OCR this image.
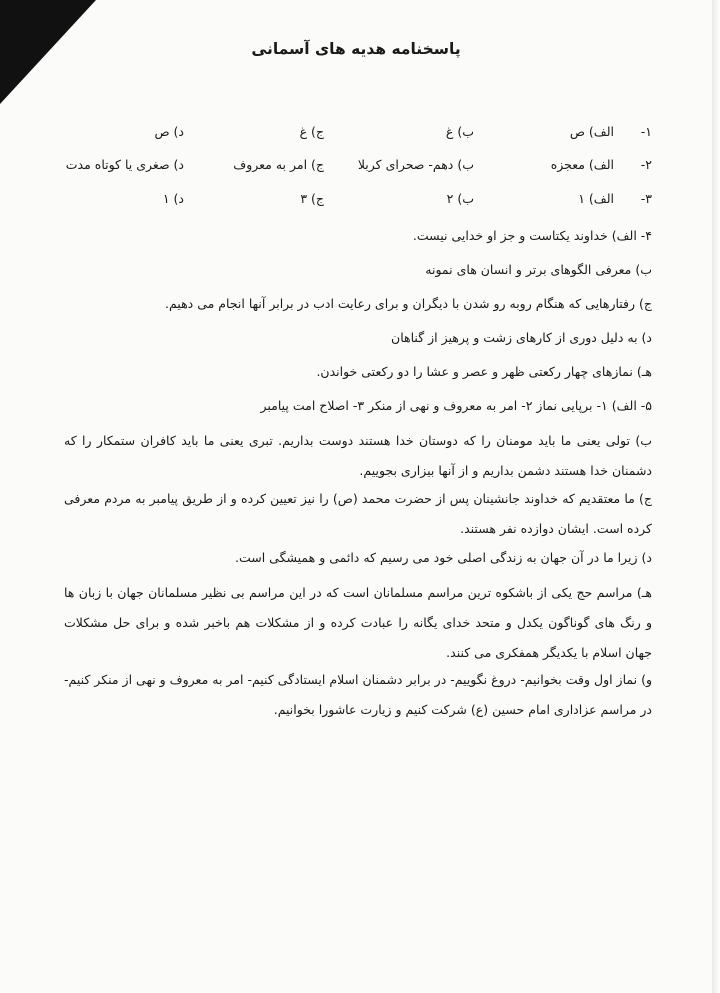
پاسخنامه هدیه های آسمانی
۱-
الف) ص
ب) غ
ج) غ
د) ص
۲-
الف) معجزه
ب) دهم- صحرای کربلا
ج) امر به معروف
د) صغری یا کوتاه مدت
۳-
الف) ۱
ب) ۲
ج) ۳
د) ۱
۴- الف) خداوند یکتاست و جز او خدایی نیست.
ب) معرفی الگوهای برتر و انسان های نمونه
ج) رفتارهایی که هنگام روبه رو شدن با دیگران و برای رعایت ادب در برابر آنها انجام می دهیم.
د) به دلیل دوری از کارهای زشت و پرهیز از گناهان
هـ) نمازهای چهار رکعتی ظهر و عصر و عشا را دو رکعتی خواندن.
۵- الف) ۱- برپایی نماز ۲- امر به معروف و نهی از منکر ۳- اصلاح امت پیامبر

ب) تولی یعنی ما باید مومنان را که دوستان خدا هستند دوست بداریم. تبری یعنی ما باید کافران ستمکار را که دشمنان خدا هستند دشمن بداریم و از آنها بیزاری بجوییم.

ج) ما معتقدیم که خداوند جانشینان پس از حضرت محمد (ص) را نیز تعیین کرده و از طریق پیامبر به مردم معرفی کرده است. ایشان دوازده نفر هستند.

د) زیرا ما در آن جهان به زندگی اصلی خود می رسیم که دائمی و همیشگی است.

هـ) مراسم حج یکی از باشکوه ترین مراسم مسلمانان است که در این مراسم بی نظیر مسلمانان جهان با زبان ها و رنگ های گوناگون یکدل و متحد خدای یگانه را عبادت کرده و از مشکلات هم باخبر شده و برای حل مشکلات جهان اسلام با یکدیگر همفکری می کنند.

و) نماز اول وقت بخوانیم- دروغ نگوییم- در برابر دشمنان اسلام ایستادگی کنیم- امر به معروف و نهی از منکر کنیم- در مراسم عزاداری امام حسین (ع) شرکت کنیم و زیارت عاشورا بخوانیم.
